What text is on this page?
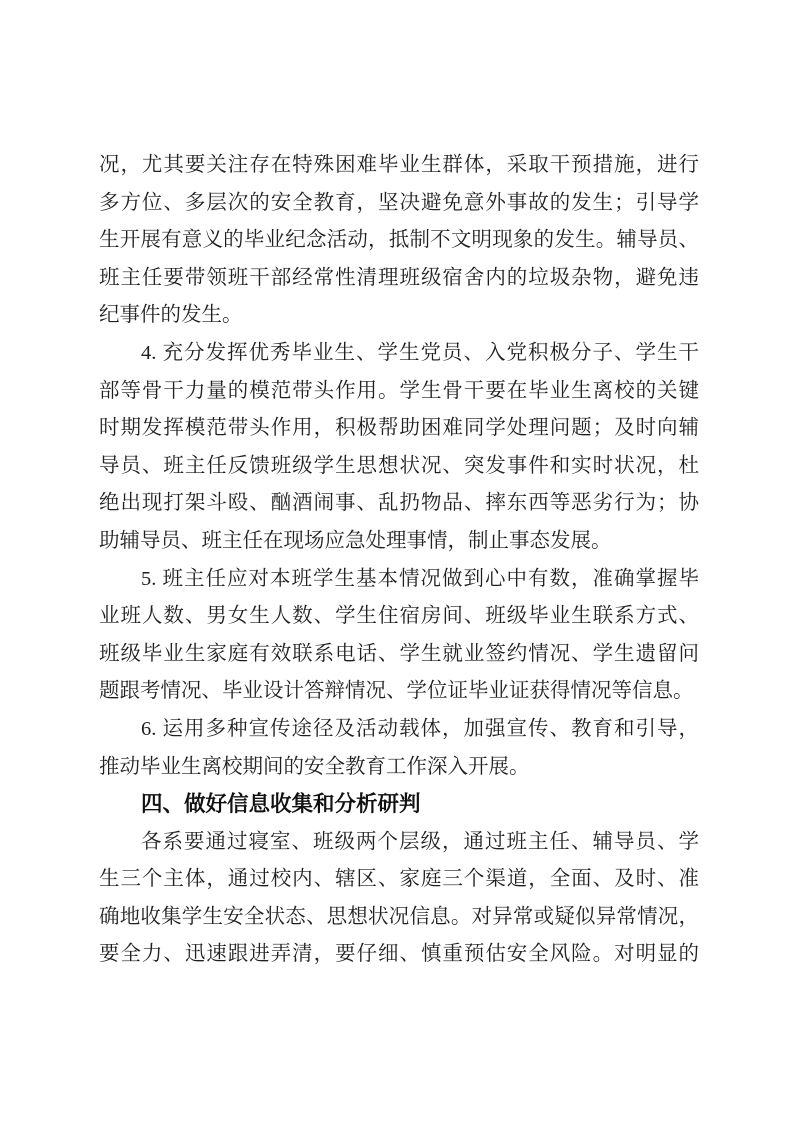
况，尤其要关注存在特殊困难毕业生群体，采取干预措施，进行
多方位、多层次的安全教育，坚决避免意外事故的发生；引导学
生开展有意义的毕业纪念活动，抵制不文明现象的发生。辅导员、
班主任要带领班干部经常性清理班级宿舍内的垃圾杂物，避免违
纪事件的发生。
4. 充分发挥优秀毕业生、学生党员、入党积极分子、学生干
部等骨干力量的模范带头作用。学生骨干要在毕业生离校的关键
时期发挥模范带头作用，积极帮助困难同学处理问题；及时向辅
导员、班主任反馈班级学生思想状况、突发事件和实时状况，杜
绝出现打架斗殴、酗酒闹事、乱扔物品、摔东西等恶劣行为；协
助辅导员、班主任在现场应急处理事情，制止事态发展。
5. 班主任应对本班学生基本情况做到心中有数，准确掌握毕
业班人数、男女生人数、学生住宿房间、班级毕业生联系方式、
班级毕业生家庭有效联系电话、学生就业签约情况、学生遗留问
题跟考情况、毕业设计答辩情况、学位证毕业证获得情况等信息。
6. 运用多种宣传途径及活动载体，加强宣传、教育和引导，
推动毕业生离校期间的安全教育工作深入开展。
四、做好信息收集和分析研判
各系要通过寝室、班级两个层级，通过班主任、辅导员、学
生三个主体，通过校内、辖区、家庭三个渠道，全面、及时、准
确地收集学生安全状态、思想状况信息。对异常或疑似异常情况，
要全力、迅速跟进弄清，要仔细、慎重预估安全风险。对明显的
